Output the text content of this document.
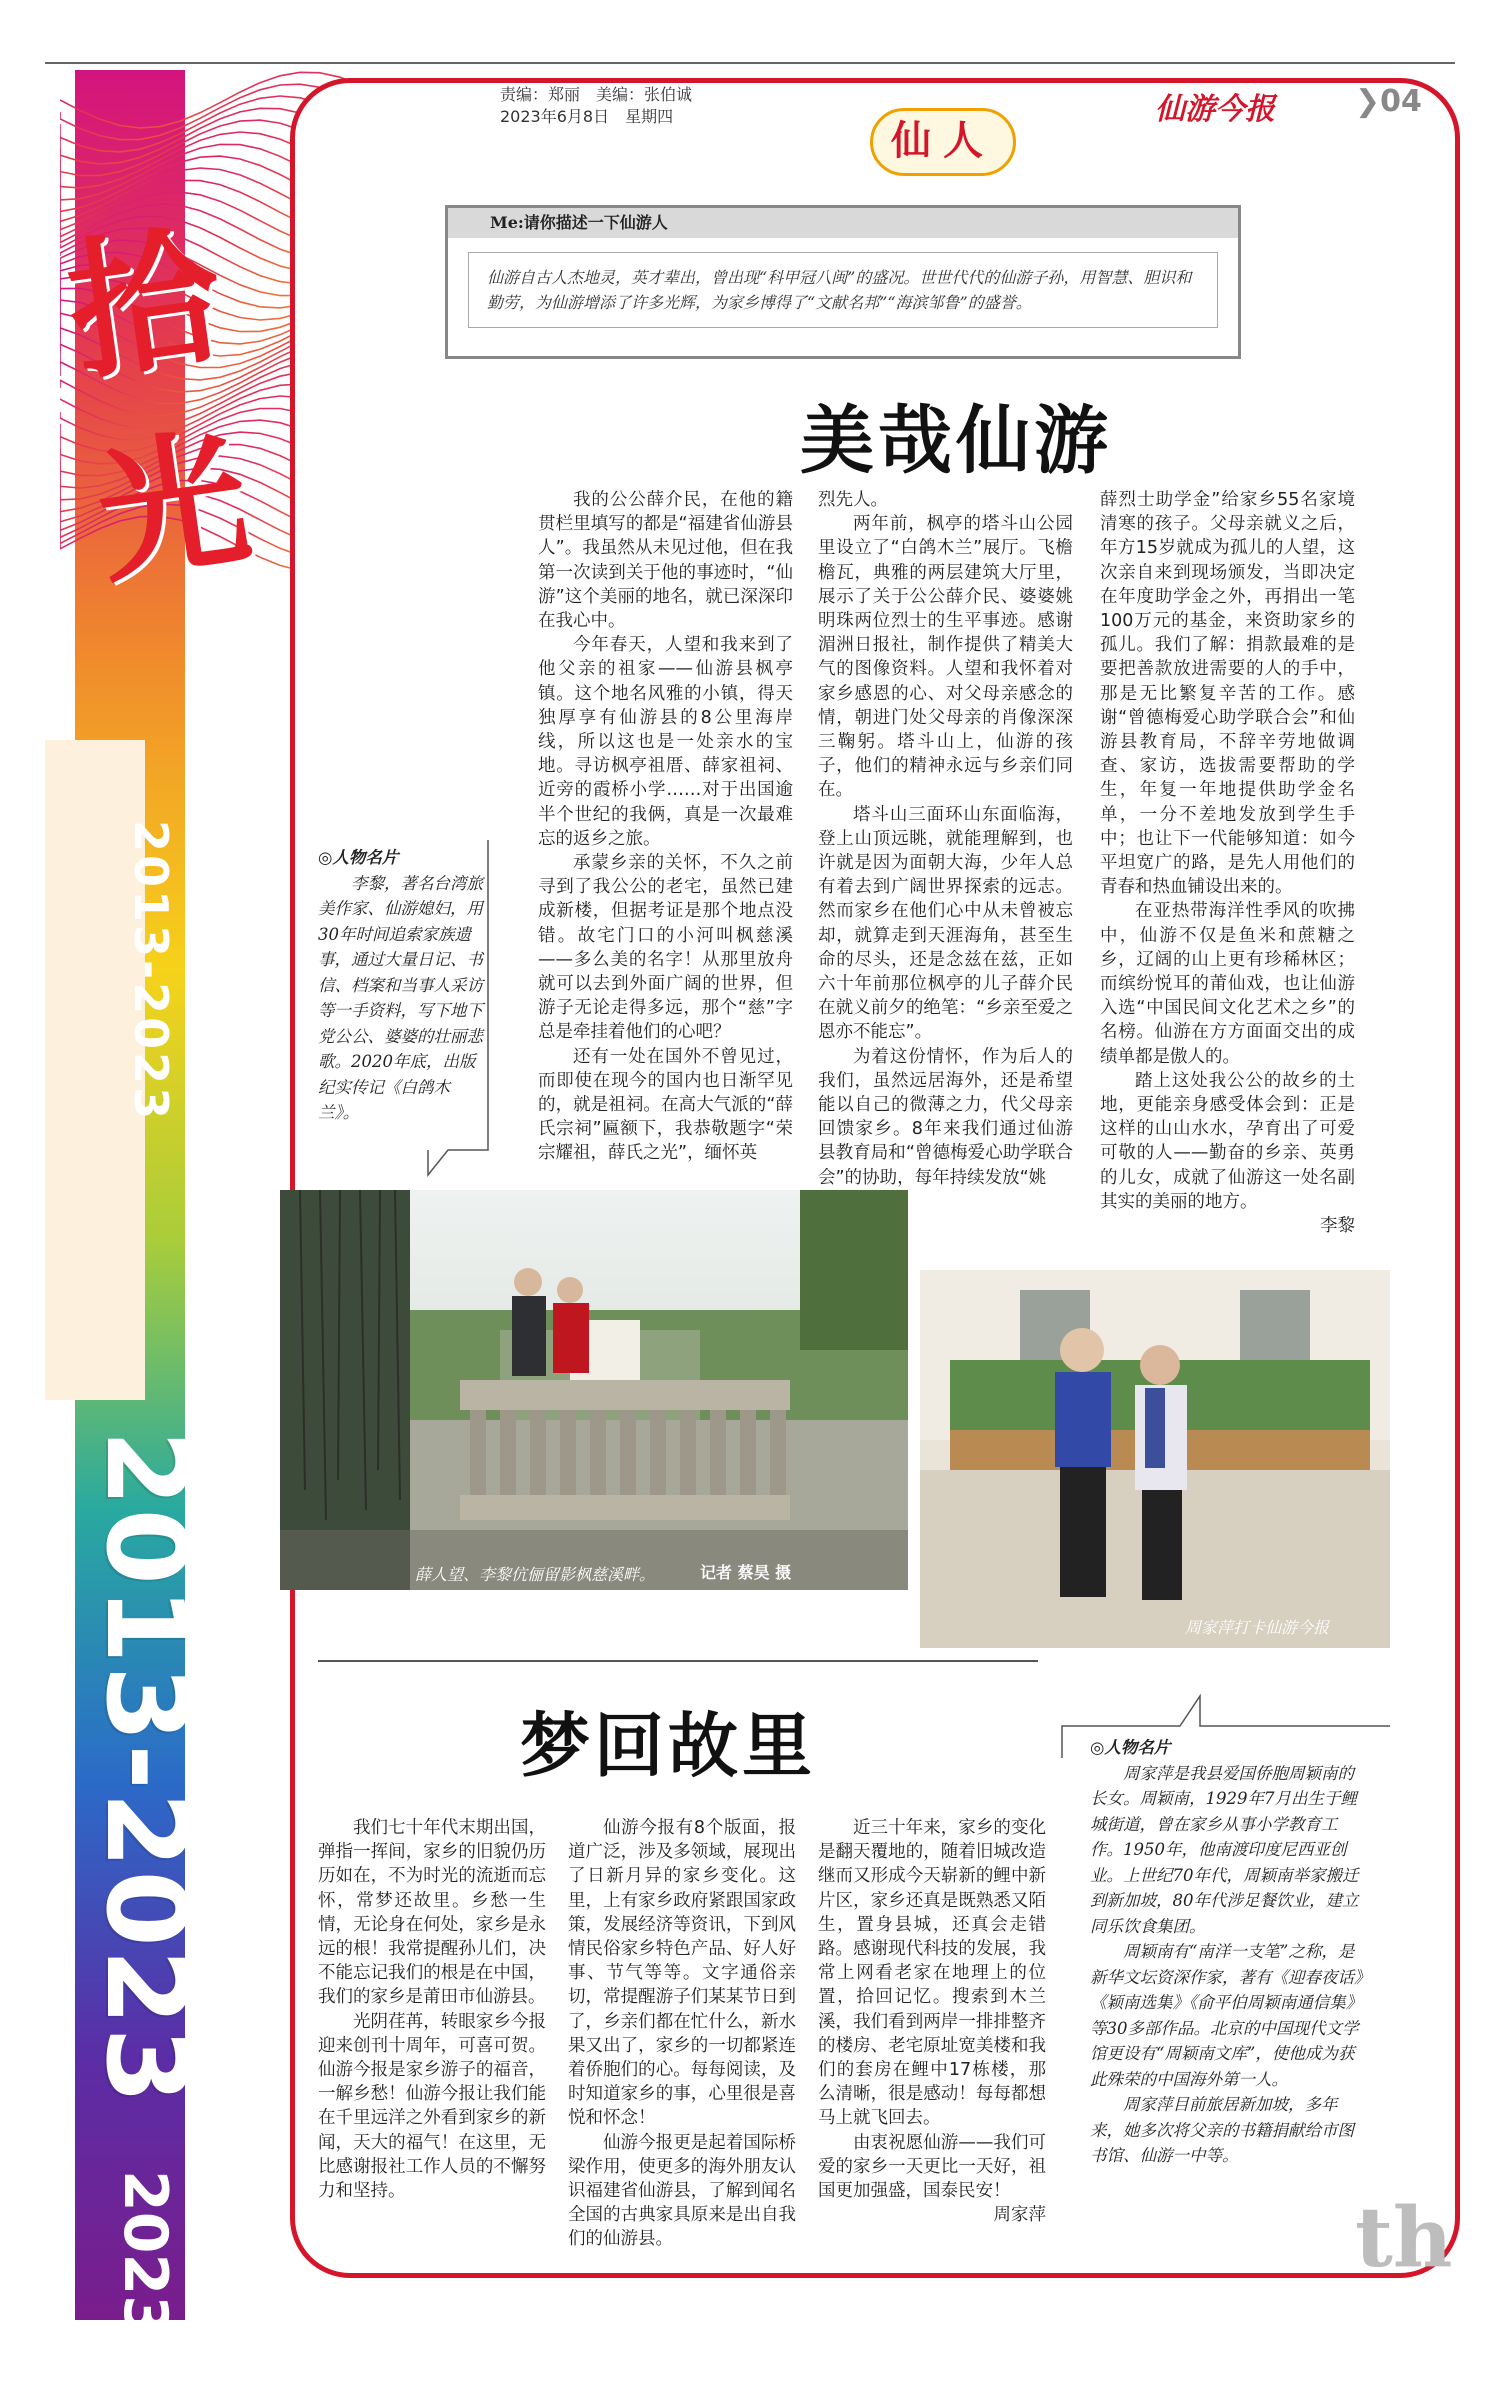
拾光
2013-2023
2013-2023
2023
责编：郑丽　美编：张伯诚
2023年6月8日　星期四	仙游今报	❯04
仙人
Me:请你描述一下仙游人
仙游自古人杰地灵，英才辈出，曾出现“科甲冠八闽”的盛况。世世代代的仙游子孙，用智慧、胆识和勤劳，为仙游增添了许多光辉，为家乡博得了“文献名邦”“海滨邹鲁”的盛誉。
美哉仙游

我的公公薛介民，在他的籍贯栏里填写的都是“福建省仙游县人”。我虽然从未见过他，但在我第一次读到关于他的事迹时，“仙游”这个美丽的地名，就已深深印在我心中。

今年春天，人望和我来到了他父亲的祖家——仙游县枫亭镇。这个地名风雅的小镇，得天独厚享有仙游县的8公里海岸线，所以这也是一处亲水的宝地。寻访枫亭祖厝、薛家祖祠、近旁的霞桥小学……对于出国逾半个世纪的我俩，真是一次最难忘的返乡之旅。

承蒙乡亲的关怀，不久之前寻到了我公公的老宅，虽然已建成新楼，但据考证是那个地点没错。故宅门口的小河叫枫慈溪——多么美的名字！从那里放舟就可以去到外面广阔的世界，但游子无论走得多远，那个“慈”字总是牵挂着他们的心吧？

还有一处在国外不曾见过，而即使在现今的国内也日渐罕见的，就是祖祠。在高大气派的“薛氏宗祠”匾额下，我恭敬题字“荣宗耀祖，薛氏之光”，缅怀英

烈先人。

两年前，枫亭的塔斗山公园里设立了“白鸽木兰”展厅。飞檐檐瓦，典雅的两层建筑大厅里，展示了关于公公薛介民、婆婆姚明珠两位烈士的生平事迹。感谢湄洲日报社，制作提供了精美大气的图像资料。人望和我怀着对家乡感恩的心、对父母亲感念的情，朝进门处父母亲的肖像深深三鞠躬。塔斗山上，仙游的孩子，他们的精神永远与乡亲们同在。

塔斗山三面环山东面临海，登上山顶远眺，就能理解到，也许就是因为面朝大海，少年人总有着去到广阔世界探索的远志。然而家乡在他们心中从未曾被忘却，就算走到天涯海角，甚至生命的尽头，还是念兹在兹，正如六十年前那位枫亭的儿子薛介民在就义前夕的绝笔：“乡亲至爱之恩亦不能忘”。

为着这份情怀，作为后人的我们，虽然远居海外，还是希望能以自己的微薄之力，代父母亲回馈家乡。8年来我们通过仙游县教育局和“曾德梅爱心助学联合会”的协助，每年持续发放“姚

薛烈士助学金”给家乡55名家境清寒的孩子。父母亲就义之后，年方15岁就成为孤儿的人望，这次亲自来到现场颁发，当即决定在年度助学金之外，再捐出一笔100万元的基金，来资助家乡的孤儿。我们了解：捐款最难的是要把善款放进需要的人的手中，那是无比繁复辛苦的工作。感谢“曾德梅爱心助学联合会”和仙游县教育局，不辞辛劳地做调查、家访，选拔需要帮助的学生，年复一年地提供助学金名单，一分不差地发放到学生手中；也让下一代能够知道：如今平坦宽广的路，是先人用他们的青春和热血铺设出来的。

在亚热带海洋性季风的吹拂中，仙游不仅是鱼米和蔗糖之乡，辽阔的山上更有珍稀林区；而缤纷悦耳的莆仙戏，也让仙游入选“中国民间文化艺术之乡”的名榜。仙游在方方面面交出的成绩单都是傲人的。

踏上这处我公公的故乡的土地，更能亲身感受体会到：正是这样的山山水水，孕育出了可爱可敬的人——勤奋的乡亲、英勇的儿女，成就了仙游这一处名副其实的美丽的地方。

李黎
◎人物名片
李黎，著名台湾旅美作家、仙游媳妇，用30年时间追索家族遗事，通过大量日记、书信、档案和当事人采访等一手资料，写下地下党公公、婆婆的壮丽悲歌。2020年底，出版纪实传记《白鸽木兰》。
薛人望、李黎伉俪留影枫慈溪畔。	记者 蔡昊 摄
周家萍打卡仙游今报
梦回故里

我们七十年代末期出国，弹指一挥间，家乡的旧貌仍历历如在，不为时光的流逝而忘怀，常梦还故里。乡愁一生情，无论身在何处，家乡是永远的根！我常提醒孙儿们，决不能忘记我们的根是在中国，我们的家乡是莆田市仙游县。

光阴荏苒，转眼家乡今报迎来创刊十周年，可喜可贺。仙游今报是家乡游子的福音，一解乡愁！仙游今报让我们能在千里远洋之外看到家乡的新闻，天大的福气！在这里，无比感谢报社工作人员的不懈努力和坚持。

仙游今报有8个版面，报道广泛，涉及多领域，展现出了日新月异的家乡变化。这里，上有家乡政府紧跟国家政策，发展经济等资讯，下到风情民俗家乡特色产品、好人好事、节气等等。文字通俗亲切，常提醒游子们某某节日到了，乡亲们都在忙什么，新水果又出了，家乡的一切都紧连着侨胞们的心。每每阅读，及时知道家乡的事，心里很是喜悦和怀念！

仙游今报更是起着国际桥梁作用，使更多的海外朋友认识福建省仙游县，了解到闻名全国的古典家具原来是出自我们的仙游县。

近三十年来，家乡的变化是翻天覆地的，随着旧城改造继而又形成今天崭新的鲤中新片区，家乡还真是既熟悉又陌生，置身县城，还真会走错路。感谢现代科技的发展，我常上网看老家在地理上的位置，拾回记忆。搜索到木兰溪，我们看到两岸一排排整齐的楼房、老宅原址宽美楼和我们的套房在鲤中17栋楼，那么清晰，很是感动！每每都想马上就飞回去。

由衷祝愿仙游——我们可爱的家乡一天更比一天好，祖国更加强盛，国泰民安！

周家萍
◎人物名片
周家萍是我县爱国侨胞周颖南的长女。周颖南，1929年7月出生于鲤城街道，曾在家乡从事小学教育工作。1950年，他南渡印度尼西亚创业。上世纪70年代，周颖南举家搬迁到新加坡，80年代涉足餐饮业，建立同乐饮食集团。
周颖南有“南洋一支笔”之称，是新华文坛资深作家，著有《迎春夜话》《颖南选集》《俞平伯周颖南通信集》等30多部作品。北京的中国现代文学馆更设有“周颖南文库”，使他成为获此殊荣的中国海外第一人。
周家萍目前旅居新加坡，多年来，她多次将父亲的书籍捐献给市图书馆、仙游一中等。
th
